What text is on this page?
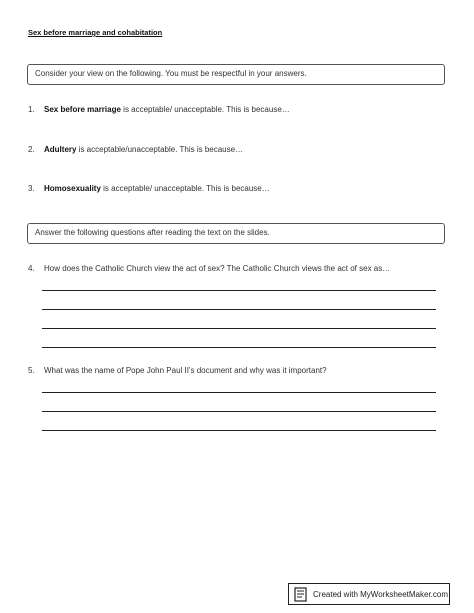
Sex before marriage and cohabitation
Consider your view on the following. You must be respectful in your answers.
1. Sex before marriage is acceptable/ unacceptable. This is because…
2. Adultery is acceptable/unacceptable. This is because…
3. Homosexuality is acceptable/ unacceptable. This is because…
Answer the following questions after reading the text on the slides.
4. How does the Catholic Church view the act of sex? The Catholic Church views the act of sex as…
5. What was the name of Pope John Paul II's document and why was it important?
Created with MyWorksheetMaker.com
